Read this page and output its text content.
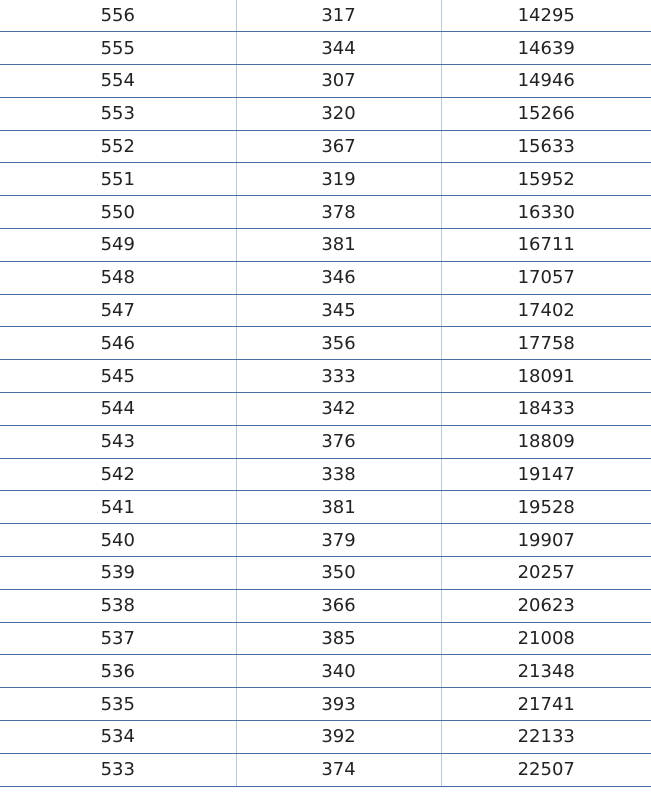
556	317	14295
555	344	14639
554	307	14946
553	320	15266
552	367	15633
551	319	15952
550	378	16330
549	381	16711
548	346	17057
547	345	17402
546	356	17758
545	333	18091
544	342	18433
543	376	18809
542	338	19147
541	381	19528
540	379	19907
539	350	20257
538	366	20623
537	385	21008
536	340	21348
535	393	21741
534	392	22133
533	374	22507
